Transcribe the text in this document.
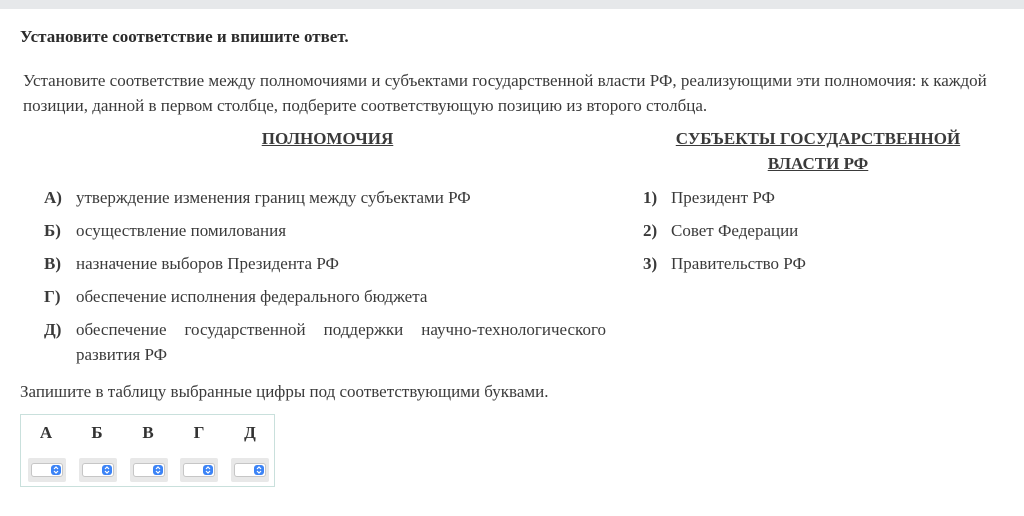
Установите соответствие и впишите ответ.
Установите соответствие между полномочиями и субъектами государственной власти РФ, реализующими эти полномочия: к каждой позиции, данной в первом столбце, подберите соответствующую позицию из второго столбца.
ПОЛНОМОЧИЯ	СУБЪЕКТЫ ГОСУДАРСТВЕННОЙ ВЛАСТИ РФ
А) утверждение изменения границ между субъектами РФ
Б) осуществление помилования
В) назначение выборов Президента РФ
Г) обеспечение исполнения федерального бюджета
Д) обеспечение государственной поддержки научно-технологического развития РФ
1) Президент РФ
2) Совет Федерации
3) Правительство РФ
Запишите в таблицу выбранные цифры под соответствующими буквами.
А	Б	В	Г	Д
